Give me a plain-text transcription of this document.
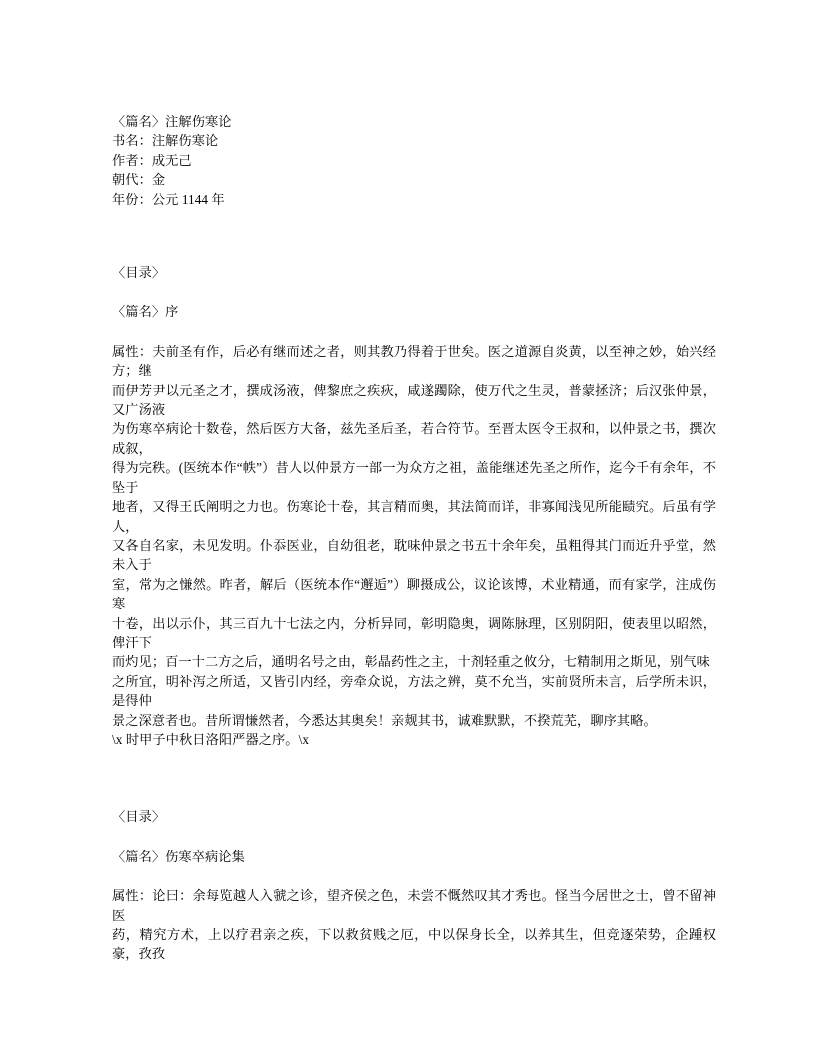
〈篇名〉注解伤寒论
书名：注解伤寒论
作者：成无己
朝代：金
年份：公元 1144 年
〈目录〉
〈篇名〉序
属性：夫前圣有作，后必有继而述之者，则其教乃得着于世矣。医之道源自炎黄，以至神之妙，始兴经方；继
而伊芳尹以元圣之才，撰成汤液，俾黎庶之疾疢，咸遂躅除，使万代之生灵，普蒙拯济；后汉张仲景，又广汤液
为伤寒卒病论十数卷，然后医方大备，兹先圣后圣，若合符节。至晋太医令王叔和，以仲景之书，撰次成叙，
得为完秩。(医统本作“帙”）昔人以仲景方一部一为众方之祖，盖能继述先圣之所作，迄今千有余年，不坠于
地者，又得王氏阐明之力也。伤寒论十卷，其言精而奥，其法简而详，非寡闻浅见所能赜究。后虽有学人，
又各自名家，未见发明。仆忝医业，自幼徂老，耽味仲景之书五十余年矣，虽粗得其门而近升乎堂，然未入于
室，常为之慊然。昨者，解后（医统本作“邂逅”）聊摄成公，议论该博，术业精通，而有家学，注成伤寒
十卷，出以示仆，其三百九十七法之内，分析异同，彰明隐奥，调陈脉理，区别阴阳，使表里以昭然，俾汗下
而灼见；百一十二方之后，通明名号之由，彰晶药性之主，十剂轻重之攸分，七精制用之斯见，别气味
之所宜，明补泻之所适，又皆引内经，旁牵众说，方法之辨，莫不允当，实前贤所未言，后学所未识，是得仲
景之深意者也。昔所谓慊然者，今悉达其奥矣！亲觌其书，诚难默默，不揆荒芜，聊序其略。
\x 时甲子中秋日洛阳严器之序。\x
〈目录〉
〈篇名〉伤寒卒病论集
属性：论曰：余每览越人入虢之诊，望齐侯之色，未尝不慨然叹其才秀也。怪当今居世之士，曾不留神医
药，精究方术，上以疗君亲之疾，下以救贫贱之厄，中以保身长全，以养其生，但竞逐荣势，企踵权豪，孜孜
